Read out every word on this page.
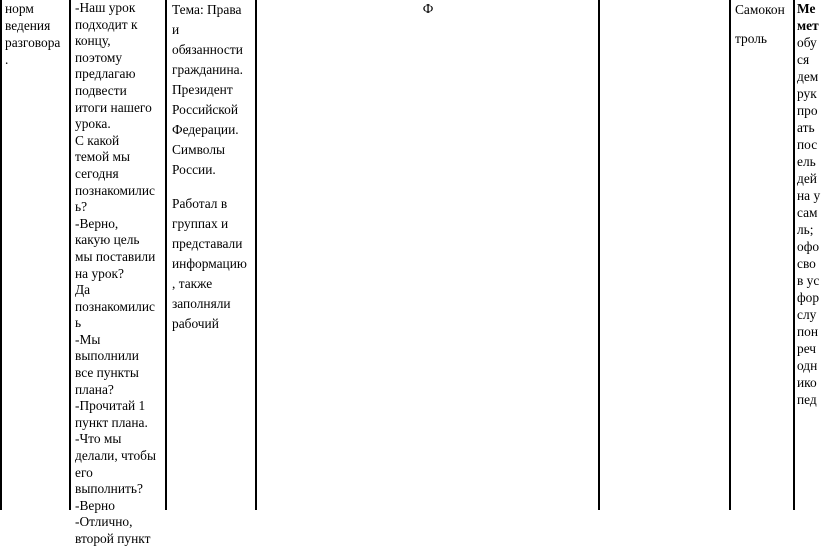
норм

ведения

разговора

.

-Наш урок

подходит к

концу,

поэтому

предлагаю

подвести

итоги нашего

урока.

С какой

темой мы

сегодня

познакомилис

ь?

-Верно,

какую цель

мы поставили

на урок?

Да

познакомилис

ь

-Мы

выполнили

все пункты

плана?

-Прочитай 1

пункт плана.

-Что мы

делали, чтобы

его

выполнить?

-Верно

-Отлично,

второй пункт

Тема: Права

и

обязанности

гражданина.

Президент

Российской

Федерации.

Символы

России.

Работал в

группах и

представали

информацию

, также

заполняли

рабочий

Ф	Самокон

троль

Ме

мет

обу

ся

дем

рук

про

ать

пос

ель

дей

на у

сам

ль;

офо

сво

в ус

фор

слу

пон

реч

одн

ико

пед
